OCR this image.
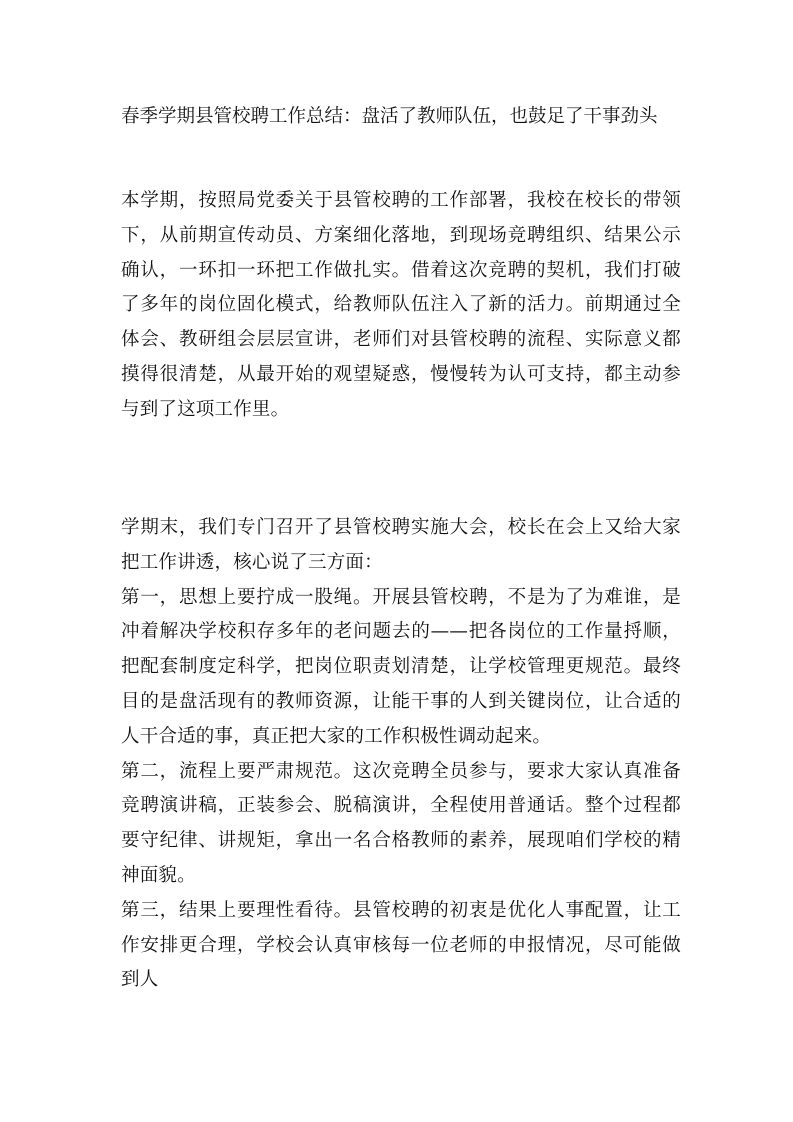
春季学期县管校聘工作总结：盘活了教师队伍，也鼓足了干事劲头

本学期，按照局党委关于县管校聘的工作部署，我校在校长的带领下，从前期宣传动员、方案细化落地，到现场竞聘组织、结果公示确认，一环扣一环把工作做扎实。借着这次竞聘的契机，我们打破了多年的岗位固化模式，给教师队伍注入了新的活力。前期通过全体会、教研组会层层宣讲，老师们对县管校聘的流程、实际意义都摸得很清楚，从最开始的观望疑惑，慢慢转为认可支持，都主动参与到了这项工作里。

学期末，我们专门召开了县管校聘实施大会，校长在会上又给大家把工作讲透，核心说了三方面：

第一，思想上要拧成一股绳。开展县管校聘，不是为了为难谁，是冲着解决学校积存多年的老问题去的——把各岗位的工作量捋顺，把配套制度定科学，把岗位职责划清楚，让学校管理更规范。最终目的是盘活现有的教师资源，让能干事的人到关键岗位，让合适的人干合适的事，真正把大家的工作积极性调动起来。

第二，流程上要严肃规范。这次竞聘全员参与，要求大家认真准备竞聘演讲稿，正装参会、脱稿演讲，全程使用普通话。整个过程都要守纪律、讲规矩，拿出一名合格教师的素养，展现咱们学校的精神面貌。

第三，结果上要理性看待。县管校聘的初衷是优化人事配置，让工作安排更合理，学校会认真审核每一位老师的申报情况，尽可能做到人
